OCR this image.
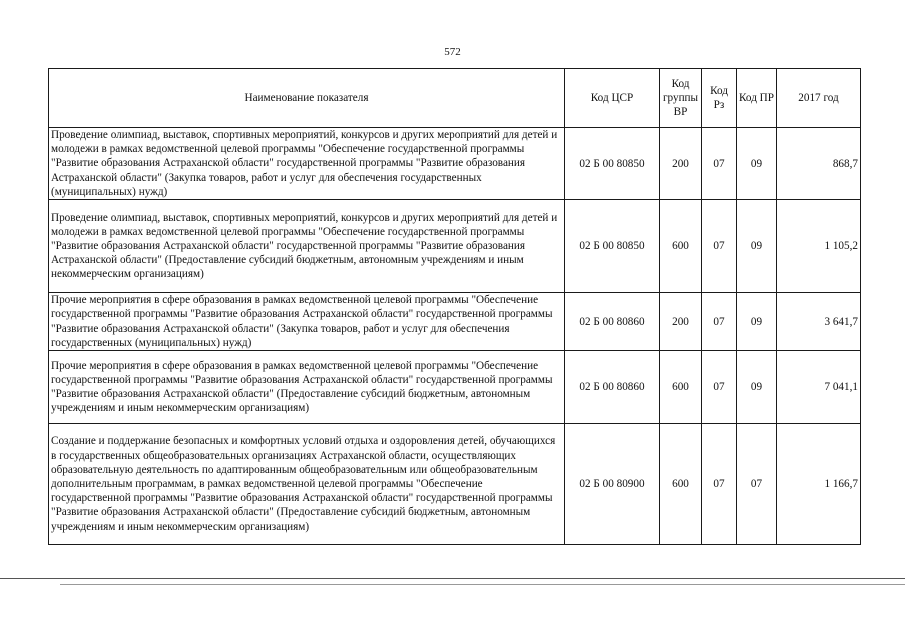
572
Наименование показателя	Код ЦСР	Код группы ВР	Код Рз	Код ПР	2017 год
Проведение олимпиад, выставок, спортивных мероприятий, конкурсов и других мероприятий для детей и молодежи в рамках ведомственной целевой программы "Обеспечение государственной программы "Развитие образования Астраханской области" государственной программы "Развитие образования Астраханской области" (Закупка товаров, работ и услуг для обеспечения государственных (муниципальных) нужд)	02 Б 00 80850	200	07	09	868,7
Проведение олимпиад, выставок, спортивных мероприятий, конкурсов и других мероприятий для детей и молодежи в рамках ведомственной целевой программы "Обеспечение государственной программы "Развитие образования Астраханской области" государственной программы "Развитие образования Астраханской области" (Предоставление субсидий бюджетным, автономным учреждениям и иным некоммерческим организациям)	02 Б 00 80850	600	07	09	1 105,2
Прочие мероприятия в сфере образования в рамках ведомственной целевой программы "Обеспечение государственной программы "Развитие образования Астраханской области" государственной программы "Развитие образования Астраханской области" (Закупка товаров, работ и услуг для обеспечения государственных (муниципальных) нужд)	02 Б 00 80860	200	07	09	3 641,7
Прочие мероприятия в сфере образования в рамках ведомственной целевой программы "Обеспечение государственной программы "Развитие образования Астраханской области" государственной программы "Развитие образования Астраханской области" (Предоставление субсидий бюджетным, автономным учреждениям и иным некоммерческим организациям)	02 Б 00 80860	600	07	09	7 041,1
Создание и поддержание безопасных и комфортных условий отдыха и оздоровления детей, обучающихся в государственных общеобразовательных организациях Астраханской области, осуществляющих образовательную деятельность по адаптированным общеобразовательным или общеобразовательным дополнительным программам, в рамках ведомственной целевой программы "Обеспечение государственной программы "Развитие образования Астраханской области" государственной программы "Развитие образования Астраханской области" (Предоставление субсидий бюджетным, автономным учреждениям и иным некоммерческим организациям)	02 Б 00 80900	600	07	07	1 166,7
